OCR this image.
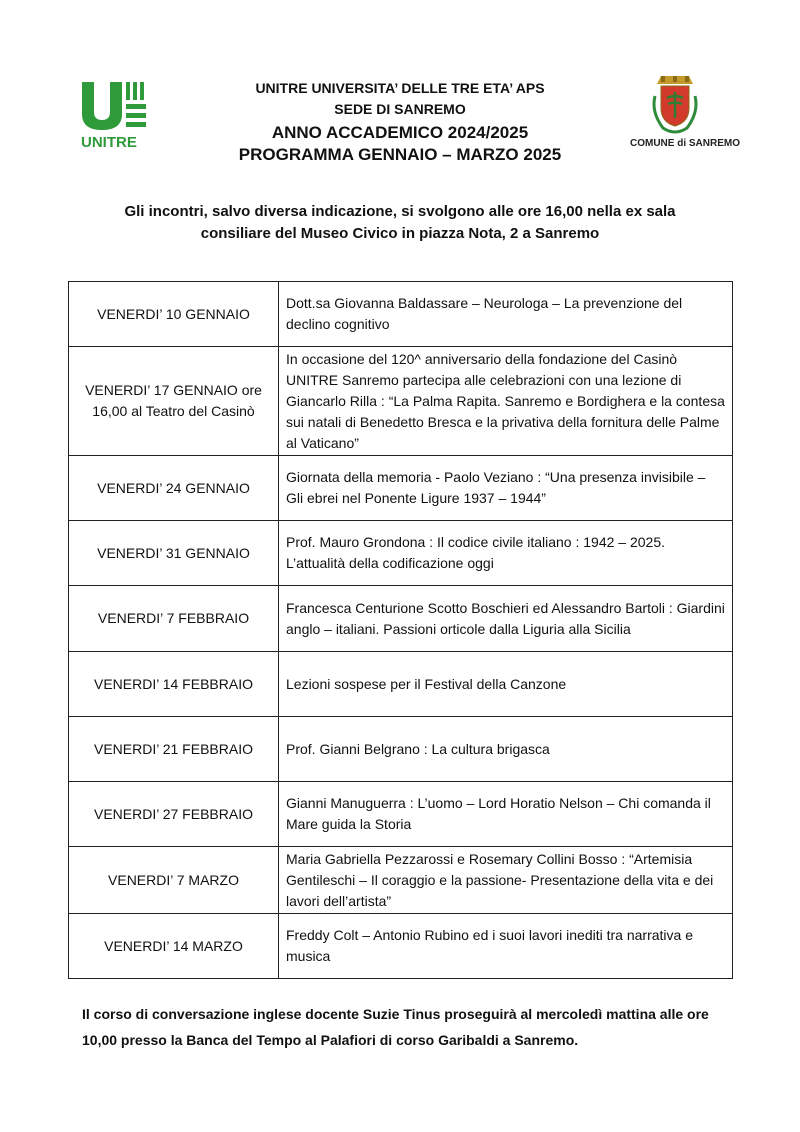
UNITRE
UNITRE UNIVERSITA’ DELLE TRE ETA’ APS
SEDE DI SANREMO
ANNO ACCADEMICO 2024/2025
PROGRAMMA GENNAIO – MARZO 2025
COMUNE di SANREMO
Gli incontri, salvo diversa indicazione, si svolgono alle ore 16,00 nella ex sala consiliare del Museo Civico in piazza Nota, 2 a Sanremo
VENERDI’ 10 GENNAIO	Dott.sa Giovanna Baldassare – Neurologa – La prevenzione del declino cognitivo
VENERDI’ 17 GENNAIO ore 16,00 al Teatro del Casinò	In occasione del 120^ anniversario della fondazione del Casinò UNITRE Sanremo partecipa alle celebrazioni con una lezione di Giancarlo Rilla : “La Palma Rapita. Sanremo e Bordighera e la contesa sui natali di Benedetto Bresca e la privativa della fornitura delle Palme al Vaticano”
VENERDI’ 24 GENNAIO	Giornata della memoria - Paolo Veziano : “Una presenza invisibile – Gli ebrei nel Ponente Ligure 1937 – 1944”
VENERDI’ 31 GENNAIO	Prof. Mauro Grondona : Il codice civile italiano : 1942 – 2025. L’attualità della codificazione oggi
VENERDI’ 7 FEBBRAIO	Francesca Centurione Scotto Boschieri ed Alessandro Bartoli : Giardini anglo – italiani. Passioni orticole dalla Liguria alla Sicilia
VENERDI’ 14 FEBBRAIO	Lezioni sospese per il Festival della Canzone
VENERDI’ 21 FEBBRAIO	Prof. Gianni Belgrano : La cultura brigasca
VENERDI’ 27 FEBBRAIO	Gianni Manuguerra : L’uomo – Lord Horatio Nelson – Chi comanda il Mare guida la Storia
VENERDI’ 7 MARZO	Maria Gabriella Pezzarossi e Rosemary Collini Bosso : “Artemisia Gentileschi – Il coraggio e la passione- Presentazione della vita e dei lavori dell’artista”
VENERDI’ 14 MARZO	Freddy Colt – Antonio Rubino ed i suoi lavori inediti tra narrativa e musica
Il corso di conversazione inglese docente Suzie Tinus proseguirà al mercoledì mattina alle ore 10,00 presso la Banca del Tempo al Palafiori di corso Garibaldi a Sanremo.
